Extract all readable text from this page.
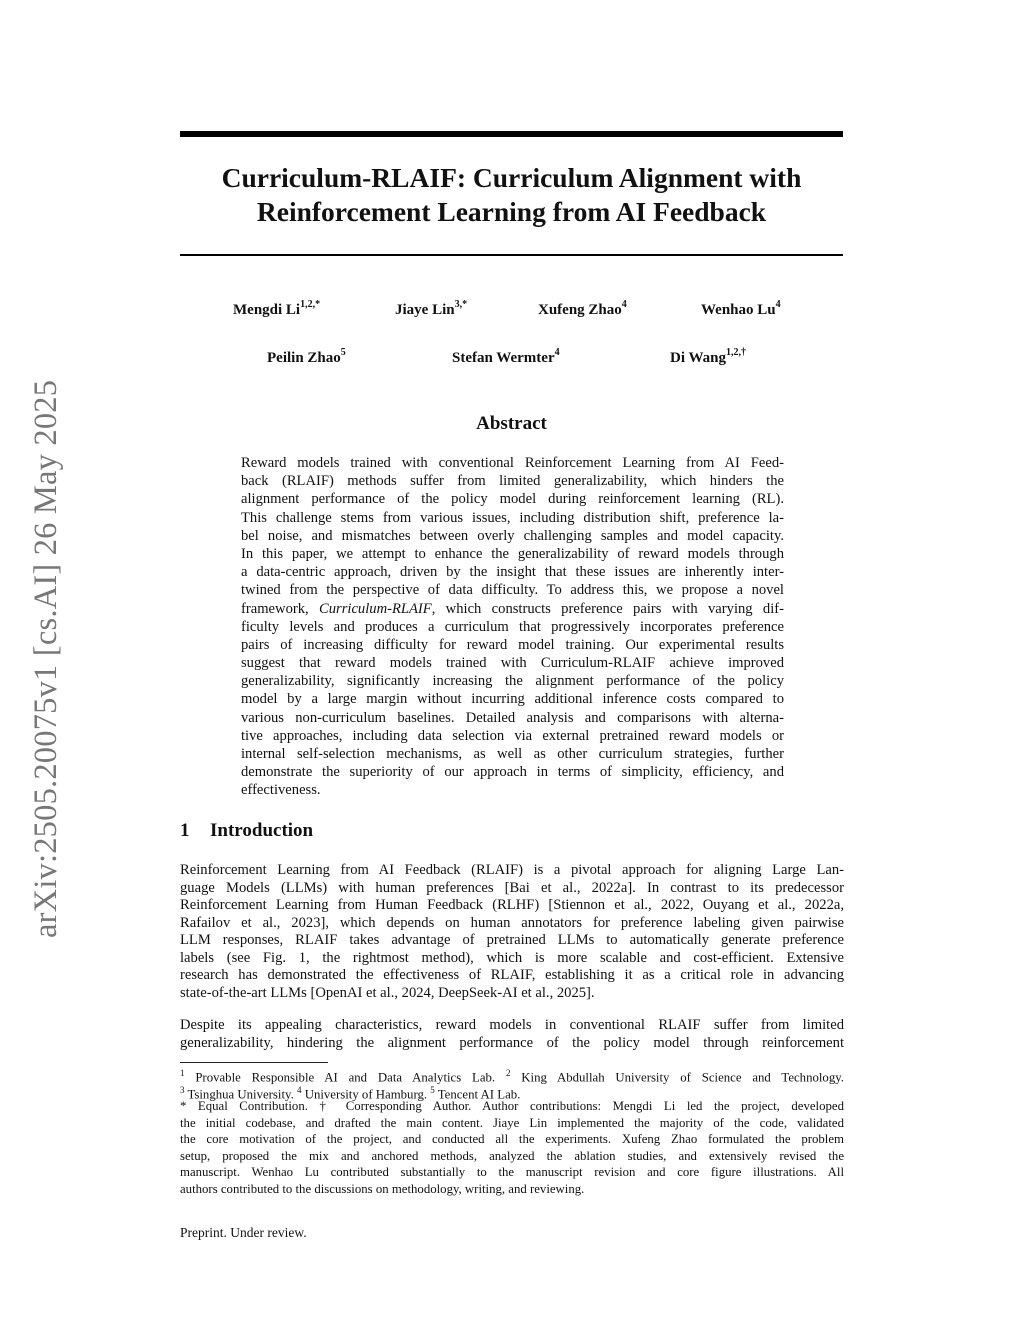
arXiv:2505.20075v1 [cs.AI] 26 May 2025
Curriculum-RLAIF: Curriculum Alignment with
Reinforcement Learning from AI Feedback
Mengdi $Li^{1,2,*}$	Jiaye Lin$^{3,*}$	Xufeng Zhao$^4$	Wenhao Lu$^4$
Peilin Zhao$^5$	Stefan Wermter$^4$	Di Wang$^{1,2,\dagger}$
Abstract
Reward models trained with conventional Reinforcement Learning from AI Feed-
back (RLAIF) methods suffer from limited generalizability, which hinders the
alignment performance of the policy model during reinforcement learning (RL).
This challenge stems from various issues, including distribution shift, preference la-
bel noise, and mismatches between overly challenging samples and model capacity.
In this paper, we attempt to enhance the generalizability of reward models through
a data-centric approach, driven by the insight that these issues are inherently inter-
twined from the perspective of data difficulty. To address this, we propose a novel
framework, Curriculum-RLAIF, which constructs preference pairs with varying dif-
ficulty levels and produces a curriculum that progressively incorporates preference
pairs of increasing difficulty for reward model training. Our experimental results
suggest that reward models trained with Curriculum-RLAIF achieve improved
generalizability, significantly increasing the alignment performance of the policy
model by a large margin without incurring additional inference costs compared to
various non-curriculum baselines. Detailed analysis and comparisons with alterna-
tive approaches, including data selection via external pretrained reward models or
internal self-selection mechanisms, as well as other curriculum strategies, further
demonstrate the superiority of our approach in terms of simplicity, efficiency, and
effectiveness.
1 Introduction
Reinforcement Learning from AI Feedback (RLAIF) is a pivotal approach for aligning Large Lan-
guage Models (LLMs) with human preferences [Bai et al., 2022a]. In contrast to its predecessor
Reinforcement Learning from Human Feedback (RLHF) [Stiennon et al., 2022, Ouyang et al., 2022a,
Rafailov et al., 2023], which depends on human annotators for preference labeling given pairwise
LLM responses, RLAIF takes advantage of pretrained LLMs to automatically generate preference
labels (see Fig. 1, the rightmost method), which is more scalable and cost-efficient. Extensive
research has demonstrated the effectiveness of RLAIF, establishing it as a critical role in advancing
state-of-the-art LLMs [OpenAI et al., 2024, DeepSeek-AI et al., 2025].
Despite its appealing characteristics, reward models in conventional RLAIF suffer from limited
generalizability, hindering the alignment performance of the policy model through reinforcement
$^1$ Provable Responsible AI and Data Analytics Lab. $^2$ King Abdullah University of Science and Technology.
$^3$ Tsinghua University. $^4$ University of Hamburg. $^5$ Tencent AI Lab.
* Equal Contribution. † Corresponding Author. Author contributions: Mengdi Li led the project, developed
the initial codebase, and drafted the main content. Jiaye Lin implemented the majority of the code, validated
the core motivation of the project, and conducted all the experiments. Xufeng Zhao formulated the problem
setup, proposed the mix and anchored methods, analyzed the ablation studies, and extensively revised the
manuscript. Wenhao Lu contributed substantially to the manuscript revision and core figure illustrations. All
authors contributed to the discussions on methodology, writing, and reviewing.
Preprint. Under review.
